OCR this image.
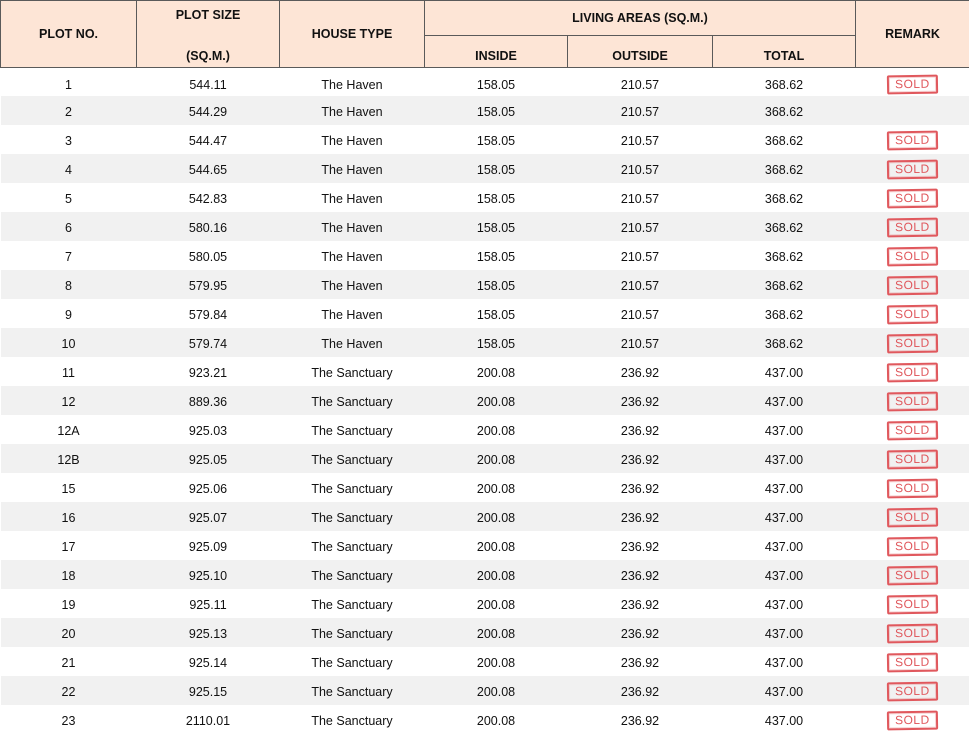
PLOT NO.	PLOT SIZE	HOUSE TYPE	LIVING AREAS (SQ.M.)			REMARK
	(SQ.M.)		INSIDE	OUTSIDE	TOTAL	
1	544.11	The Haven	158.05	210.57	368.62	SOLD
2	544.29	The Haven	158.05	210.57	368.62	
3	544.47	The Haven	158.05	210.57	368.62	SOLD
4	544.65	The Haven	158.05	210.57	368.62	SOLD
5	542.83	The Haven	158.05	210.57	368.62	SOLD
6	580.16	The Haven	158.05	210.57	368.62	SOLD
7	580.05	The Haven	158.05	210.57	368.62	SOLD
8	579.95	The Haven	158.05	210.57	368.62	SOLD
9	579.84	The Haven	158.05	210.57	368.62	SOLD
10	579.74	The Haven	158.05	210.57	368.62	SOLD
11	923.21	The Sanctuary	200.08	236.92	437.00	SOLD
12	889.36	The Sanctuary	200.08	236.92	437.00	SOLD
12A	925.03	The Sanctuary	200.08	236.92	437.00	SOLD
12B	925.05	The Sanctuary	200.08	236.92	437.00	SOLD
15	925.06	The Sanctuary	200.08	236.92	437.00	SOLD
16	925.07	The Sanctuary	200.08	236.92	437.00	SOLD
17	925.09	The Sanctuary	200.08	236.92	437.00	SOLD
18	925.10	The Sanctuary	200.08	236.92	437.00	SOLD
19	925.11	The Sanctuary	200.08	236.92	437.00	SOLD
20	925.13	The Sanctuary	200.08	236.92	437.00	SOLD
21	925.14	The Sanctuary	200.08	236.92	437.00	SOLD
22	925.15	The Sanctuary	200.08	236.92	437.00	SOLD
23	2110.01	The Sanctuary	200.08	236.92	437.00	SOLD
